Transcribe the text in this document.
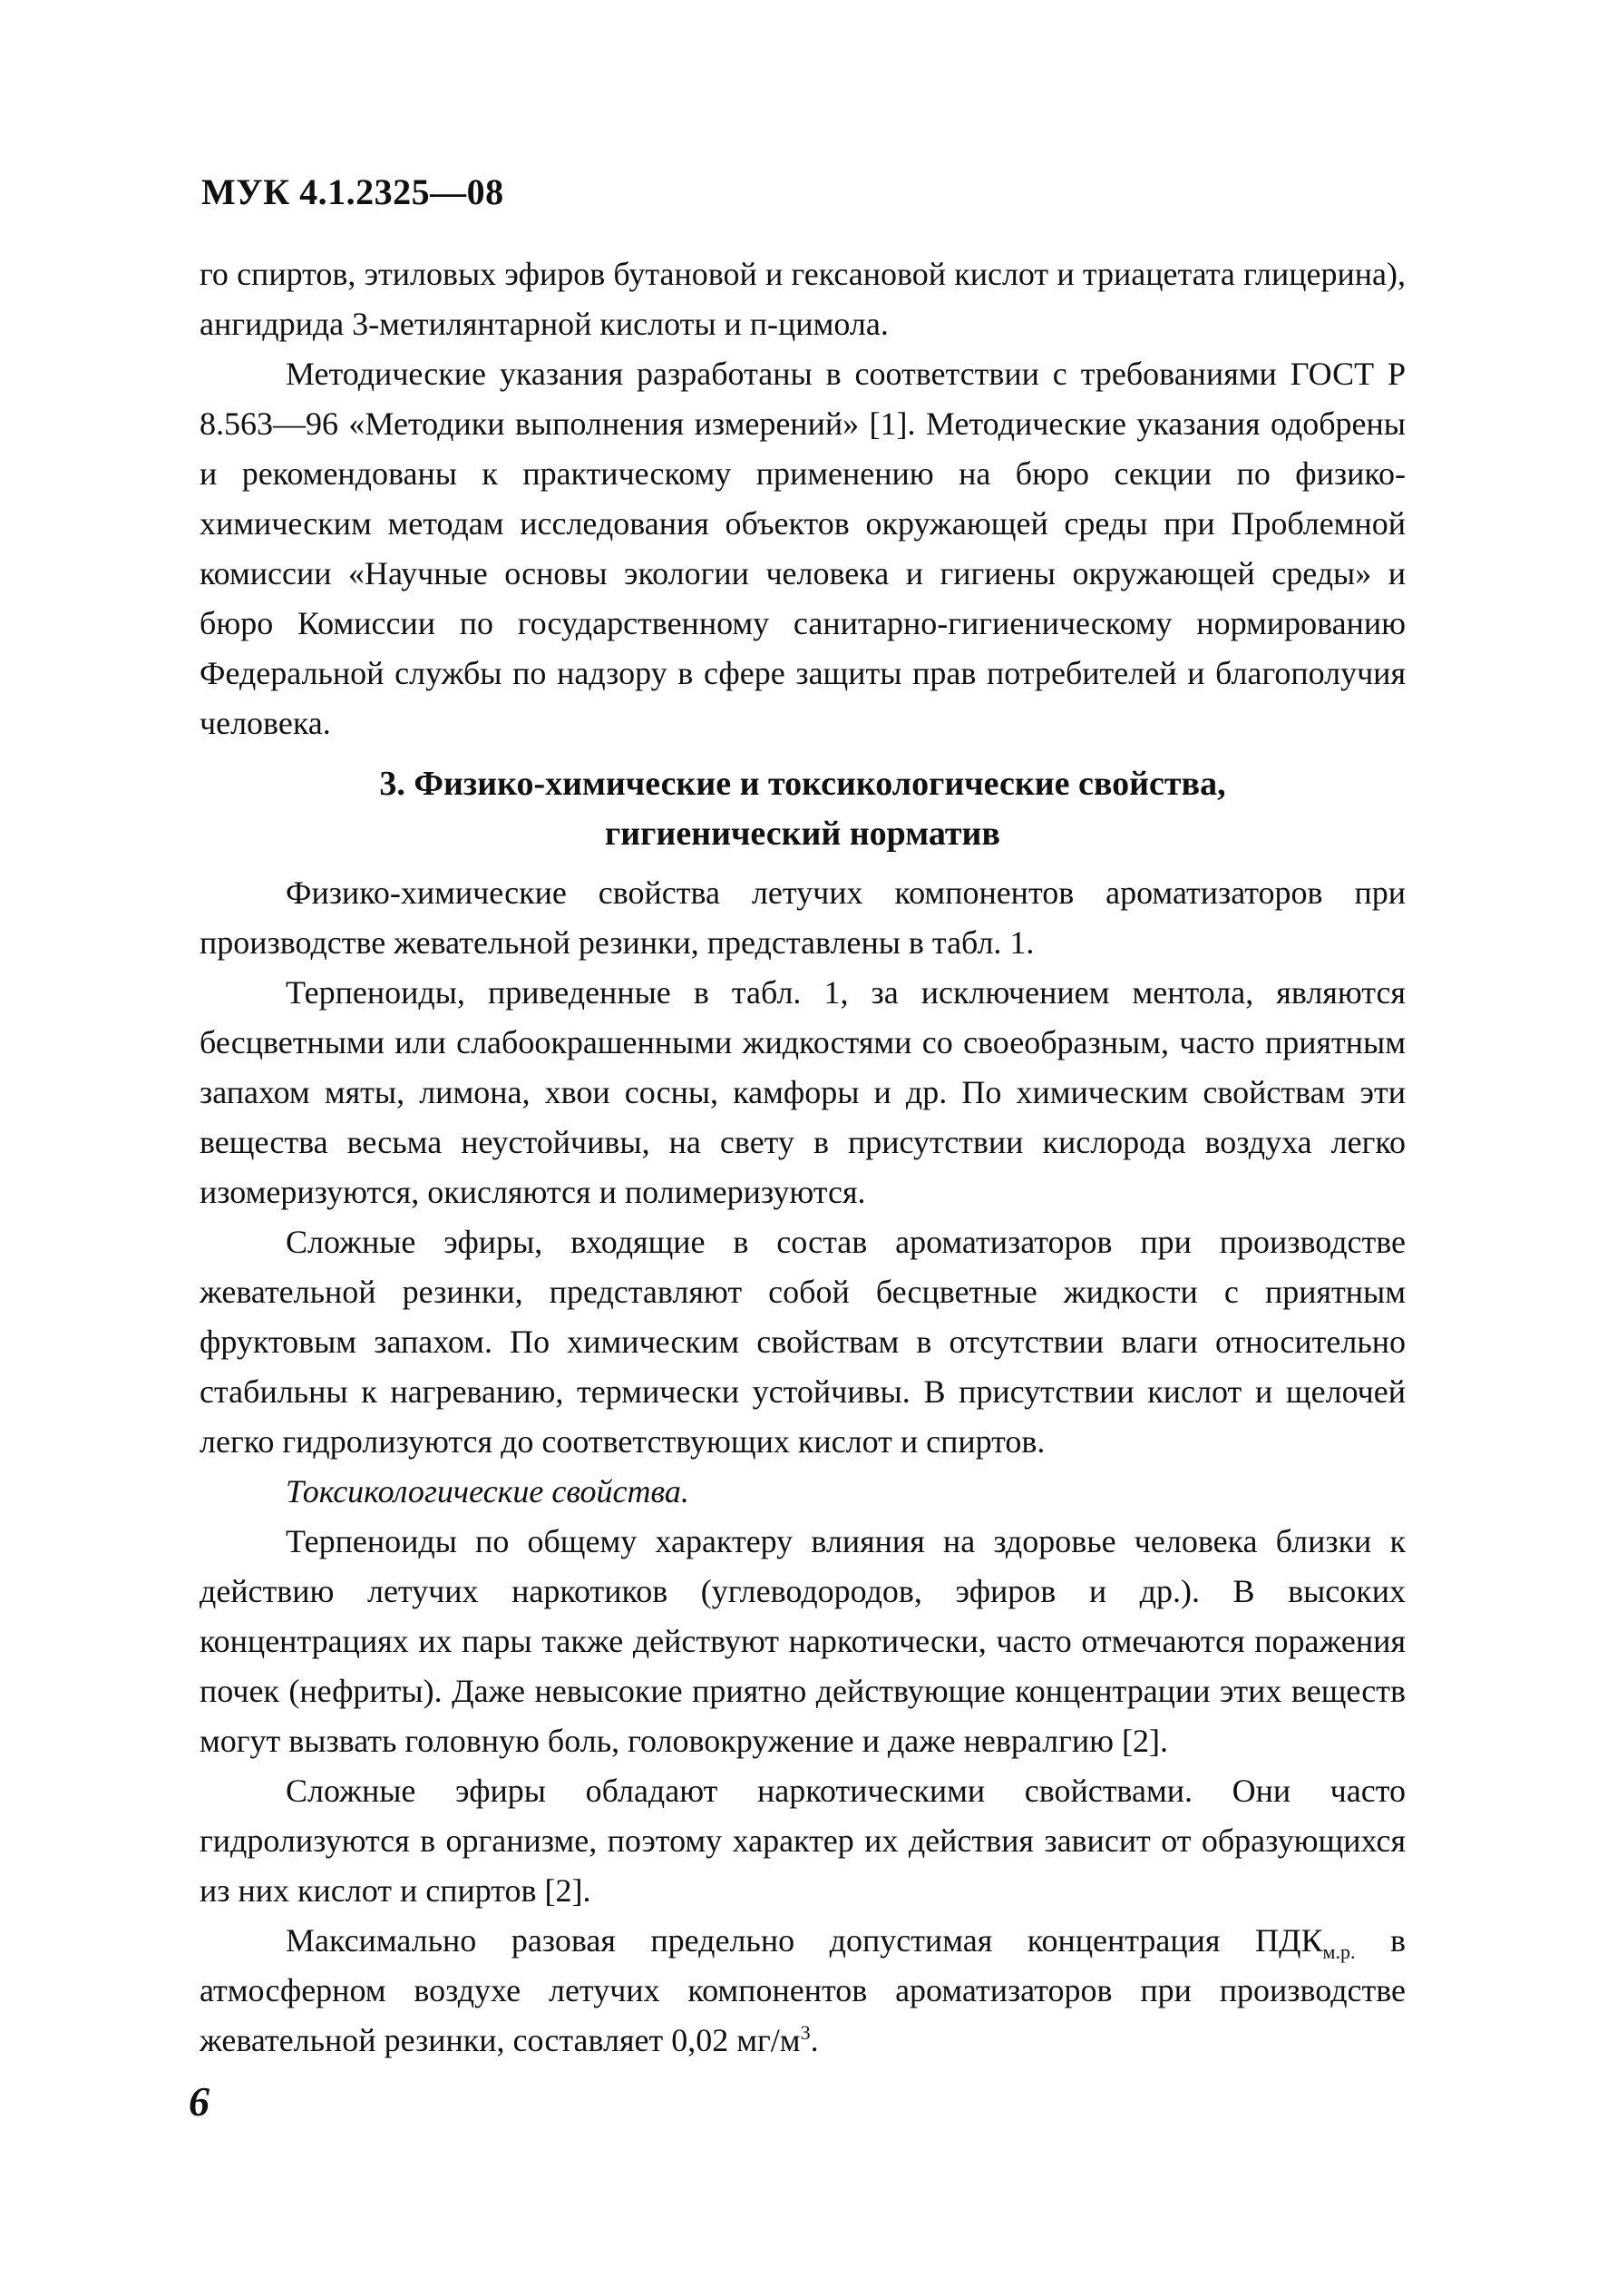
МУК 4.1.2325—08

го спиртов, этиловых эфиров бутановой и гексановой кислот и триацетата глицерина), ангидрида 3-метилянтарной кислоты и п-цимола.

Методические указания разработаны в соответствии с требованиями ГОСТ Р 8.563—96 «Методики выполнения измерений» [1]. Методические указания одобрены и рекомендованы к практическому применению на бюро секции по физико-химическим методам исследования объектов окружающей среды при Проблемной комиссии «Научные основы экологии человека и гигиены окружающей среды» и бюро Комиссии по государственному санитарно-гигиеническому нормированию Федеральной службы по надзору в сфере защиты прав потребителей и благополучия человека.

3. Физико-химические и токсикологические свойства,
гигиенический норматив

Физико-химические свойства летучих компонентов ароматизаторов при производстве жевательной резинки, представлены в табл. 1.

Терпеноиды, приведенные в табл. 1, за исключением ментола, являются бесцветными или слабоокрашенными жидкостями со своеобразным, часто приятным запахом мяты, лимона, хвои сосны, камфоры и др. По химическим свойствам эти вещества весьма неустойчивы, на свету в присутствии кислорода воздуха легко изомеризуются, окисляются и полимеризуются.

Сложные эфиры, входящие в состав ароматизаторов при производстве жевательной резинки, представляют собой бесцветные жидкости с приятным фруктовым запахом. По химическим свойствам в отсутствии влаги относительно стабильны к нагреванию, термически устойчивы. В присутствии кислот и щелочей легко гидролизуются до соответствующих кислот и спиртов.

Токсикологические свойства.

Терпеноиды по общему характеру влияния на здоровье человека близки к действию летучих наркотиков (углеводородов, эфиров и др.). В высоких концентрациях их пары также действуют наркотически, часто отмечаются поражения почек (нефриты). Даже невысокие приятно действующие концентрации этих веществ могут вызвать головную боль, головокружение и даже невралгию [2].

Сложные эфиры обладают наркотическими свойствами. Они часто гидролизуются в организме, поэтому характер их действия зависит от образующихся из них кислот и спиртов [2].

Максимально разовая предельно допустимая концентрация $ПДК_{м.р.}$ в атмосферном воздухе летучих компонентов ароматизаторов при производстве жевательной резинки, составляет 0,02 $мг/м^3$.

6
